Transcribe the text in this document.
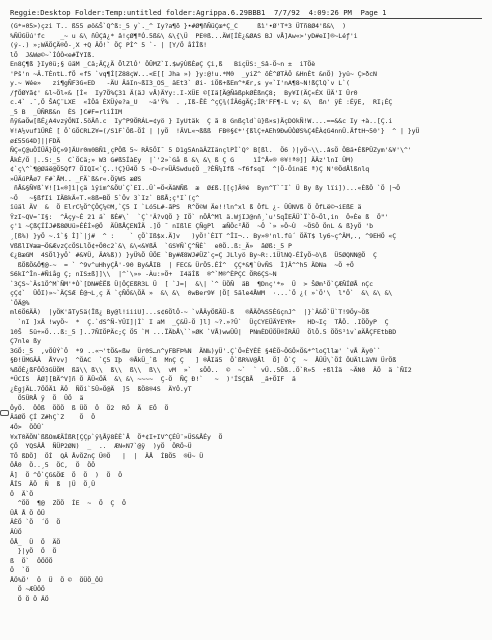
Reggie:Desktop Folder:Temp:untitled folder:Agrippa.6.29BBB1 7/7/92 4:09:26 PM Page 1
(G*¤05>)çzi T.. ß55 øö&Š`Q^ß:_5 y`._^ Iy?a¶õ }•#Ø¶ñÑüÇœ*Ç_C     ßì'•Ø'T*3 ÜTñ8Ø4'ß&\  )
%ÑÜGÜú'fc    _~ u &\ ñÜÇâ¿* â!çØ¶ªÓ.5ß&\ &\{\Ü  PE®ß...ÄW[ÍÈ¿&ØAS BJ vÅ]Aw«>'yD#eI]®~Léƒ'i
(ý-.) »;WÄÖÇÄ®Ö-¸X +Q ÄÖ!` ÖÇ PÌ^ 5 `- | [Y/Ö åÍÎß!
lÖ  J&Wø©~`ÌÓÒ<e#ÏYIß.
En8Ç¶ß }Iy0ü;§ üäM _Cä;ÄÇ¿Ä ÕlZlÓ' ÖÛMZ`I.$wÿÙßÈøÇ Çi,ß   BiçÜS:_Sâ-Ö~n ±  iTÖè
'Pš'n ~Ä.TÈntL.fÖ «f5 `vq¶Í[Z88çW...<E[[ Jha ») }y:@!u.*M0  _yiZ^ ŏÈ^ØTÀÖ &HnÈt &nÖ) }yü~ Ç>ðcN
y.~ Wée»   zi¶gÑF3G«ED   -ÄU ÄäIn~ßI3_OS_ äEt3` Øi- iÖß+ßEm^*Ær,s y«`I'nA¶8~N!ßÇlQ`v L`(
/ƒÖØYã¢' &l~Öl«& [Ì«  Iy7Ö%Ç31 Ä(äJ vÅ)ÄYy:.I-XÜE ©[Iä[Ä@ÑäßpkØÈßnÇ8;  By¥I(ÄÇ«ÉX ÜÄ'I Ür0
c.4` .¯,Ö ŠAÇ¨LXE  «ÌÖä ÈXÜýe?a_U   ~ä'Ÿ%  . ,Iß-ȆÈ ^çÇ¾(ÍÄ6gÄÇ;ÍR'FF¶-L v; &\  ßn' ÿÈ :ÉÿE,  RI¡ÉÇ
_5 B  _ÜÑRß&n  ÈS ]C#F=rliÌIM
ñÿ&aÖw[ßÉ¿A4vzýÖNI.5öÄñ.c  Iy^P9ÖRÁL=¢yö } IyUtäk  Ç ã 8 Gnßçld`ü}ß×s)ÄçDOkÑ!W....==&&c Iy +à..[Ç.i
¥!A½vuf1ÜRÈ [ Ö`GÖCRLZ¥=(/S1F`Öß-ÖÍ | |yÖ  !ÄVL«¬ßßß  FB®§€*'{ßlÇ+AEh9ÐwÜÒØS%Ç4ÊÀ¢G4nnÜ.ÄftH¬50'}  ^ | }yÜ
ø£55G4D]||FDÄ
ÑÇ«Ç@uÖÍÜÄ}ÖÇ»9]ÄUr0m0BÑ1¸çPÖß 5~ RÄ5ÖI¯ 5 D1g5AnäÄZIänçlPÌ`Q° B[ßl.  Ö6 )|yÖ~\\..âsÖ ÖBä•ÉßPÜZym'&¥'\^'
ÅkÈ/Ö |..5:_5  C`ÖCä;» W3 G#ß5ÍàEy  |`'2»`Gå ß &\ &\ ß Ç G     ìÍ^Å«® ®¥!ª®]] ÄÄz'lnI ÜM)
¢`ç\^`¶@Øäë@Ö5Qf7 ÖIQI<`Ç..!Ç}Ü4Ö 5 ~D~r»ÜÄSwdu¢Ö _?ÈÑ¼Ifß ~f6fsqI  ^|Ö-ÖinäE ª)Ç N'®ÖdÅlßnlq
»ÜÄúPÅø7 F#`ÅM.. _FÄ`ß&r«.ÖÿW5 æØS
ñÅ&§Ñ¥ß`¥![1«®]ì|çä ìÿim^&ÖU`Ç`EI..Ü`=Ö<ÄäNÑß  æ  Ø£ß.[[ç]Ä®é  Byn^T`¯I` Ü By ßy lïi])...«ÈßÖ `Ö |¬Ö
~Ö   ~§ßfIi IÄBkÄ«T.«8ß=BÖ 5`Öv 3`Iz` BßÅ;ç°I`(ç^
ïüäl ÄV  &  Ö ElrC¼Ö^ÇÖÇ¼©M,`Ç5 I `Ló5L#-ãPS  R^Ö©W Äe!!ln^xl ß ÖfL ¿- ÜÜNVß Ö ÖfLë©¬iEßE ä
ŸzI~QV=¯I§:  ^Äçy~É 21 ä` ßÉ#\`  `Ç`'Ä?vQÖ } IÖ` nÖÅ^Ml ä.WjIJ@nñ¸`u'5qÏEÄÜ`Ï`Ö~Öl,in  Ö«Èe ß  Ö"'
ç'1 ~ÇßÇÍÍJ#ß8ØUü»ÉÉÍ»@Ö  ÄÜßÅÇENÎÄ .]Ö ¯ nIßlE ÇÑgPl  æÑÖc²ÅÖ  ~Ö `» »Ö~Ù  ~ÖSÖ ÖnL & ß}yÖ 'b
¸[ß%) }yÖ ~.î`§ Ì]`|j#  ^ :    ` çÖ`Iß$x.Ä]v   )yÖ!`ÈIT ^ÎI¬.. By»®'nl.fü´ ÖÄT$ ly6~ç^ÄM,., ^9EHÖ «Ç
VßßlI¥ææ¬Ö&ÆvzÇcÖSLlÖ¢+Ö0c2`&\ &\<&¥ßÄ  `GS¥Ñ`Ç^ÑÈ`  e0Ö..ß:_Ä»  ãØß:_5 P
€¿BæGM  4SÖl}yÖ` #&¥Ü, ÄA%ß)) }yÜ%Ö ÜÖE `By#Æ8WJ#ÜZ`ç=Ç JLlyö By~R:.ìÜlNQ-ÉÍyÖ~ò\ß  Ü5ØQNN@Ö  Ç
ßÖßÖ&Ö¶@-~  = ` ^9v^uHhyÇÅ'-90 By&ÅIB  | FEC& ÜrÖ5.ÉÍ^  ÇÇ*&¶`ÙvÑS  Ì]Ä^^h5 ÄDNa  ~Ö +Ö
S6kI^În-#Ñiåg Ç; nIS±ß]]\\  |^`\»» -Àu:»Ö+  I4äÍß  ®^`M®^ÈPÇC ÖR6ÇS~N
`3ÇS~`Äs1Ö^M`ÑM'*Ò`[DN#ÈËß Ü|ÖÇEßR3L Ü  [ `J=|  &\| `^ ÜÖÑ  äB  ¶Dnç'*»  Ü  > ŠØm¹Ö`ÇÆÑÍØÅ nÇc
çÇ¢`  ÜÖI)»~`ÄÇSÆ É@¬L¸ç Ä `çÑÖ&\ÖÄ »  &\ &\  0wBer9¥ |Ö[ 5äle4ÅWM  ·...`Ö ¿( »`Ö'\  l"Ö`  &\ &\ &\
`ÖÄ@%
ml6Ö6ÄÄ)  |yÖK'ãTy5ä(Ïß¿ By@l!iiiU]...s¢6ÖlÖ-~ `vÅÄyÖßÄÜ-ß   ®ÅÄÖ%S5ÈGçnJ^  |}`Ä&Ö`Ü`T!9Öy~Öß
`nI ]xÄ !wyÖ~  *  Ç.`dS^Ñ-YÜI]|Ì` I aM  _Ç&Ü-Ö ]l] ~?.»?Ü`  ÜçCYEÜÄYEYR+   HD~Iç  TÅÖ. .IÖÖyP  Ç
10Š  5ü+»Ö...ß:_5 ]..7ÑIÖPÄc;Ç Ö5 `M ...ÏÄbÅ\``»ØK `VÅ)wwÜÜ|  PNmÈDÜÖÜ®ÍRÂÜ  ÖlÖ.5 ÖÖS¹ìv`øÄÅÇFEtbBD
Ç7nle ßy
3GÖ:_5  ,vÖÙÝ`Ö  *9 ..«¬'tÖ&«ßw  Ür0S…n^yFBFÞ%N  ÄN‰)yÜ'.Ç`Ö«ÈYÈÈ §4ÈÖ~ÖGÖ×Ö&*^loÇllæ' `vÅ Äy0``
§Ð!ÜMGÄÄ  ÅYvv]  ^ÖAC  `Ç5 Iþ  ®ÅkÜ_`ß  MnÇ Ç   ] ®ÅIä5  Ö`ßR%V@Ål  Ö] Ö`Ç  ~  ÅÜÜ\`ÖÍ ÖUÄlLäVN ÜrÖß
%ßÖÈ¿ßFÖÖ3GÜÖM  ßã\\ ß\\  ß\\  ß\\  ß\\  vM  »`  sÖÖ..  ©  ~`  ` vÜ..5Öß..Ö`R»5  ÷ßlÍä  ~ÄN0  ÄÖ  ä `ÑI2
*ÜCIS  ÄØ][BÄ^V]ñ Ö ÄÜ<ÖÄ  &\ &\ ~~~~  Ç-Ö  ÑÇ Ð!`   ~  )'ÍSÇBÅ  _ä+ÖIF  ä
¿ÈgjÄL.7ÖÖÄ1 ÄÖ  ÑÖi`5Ü»Ö@Ä  ]5  ßÖ8®4S  ÄYÖ.yT
Ö5ÜRÅ ÿ  Ö  ÜÖ  ä
ÖyÖ.  ÖÖß  ÖÖÖ  ß ÜÖ  Ö  Ö2  RÖ  Ä  EÖ  Ö
ÄäØÖ ÇÍ Z#hÇ`Z    Ö  Ö
4Ö>  ÖÖÜ`
¥xT0ÄÖN`ßßOmÆÄÍßR[ÇÇp`ÿ¾Åÿ8ÈÈ`Å  Ö*¢I+IV^ÇÉÜ¨»ÜS&ÅÉy  Ö
ÇÖ  YQSÄÅ  ÑÜP2ØN)  _  ..  ÆN«N7`@ÿ  )yÖ  ÖRÖ~Ü
TÖ ßDÖ]  ÖÍ  QÄ ÅvÖZnÇ Ü®Ö   |  |  ÄÅ  ÍBÖ5  ®Ü~ Ü
ÖÅ0  Ö..¸5  ÖC,  Ö  ÖÖ
Ä]  Ö ^Ö`ÇG&ÖŒ  Ö  Ö  )  Ö  Ö
ÅÍ5  ÄÖ  Ñ  ß  |Ü  Ö¸Ü
Ö  Ä`Ö
^ÖÖ  ¶@  ZÖÖ  ÍE  ~  Ö  Ç  Ö
ÜÅ Å Ö ÖÜ
ÄÈÖ `Ö  ´Ö  Ö
ÄÙÖ
ÖÅ_  Ü  Ö  ÄÖ
}|yÖ  Ö  Ö
ß  Ö`  ÖÖÖÖ
Ö  `Ö
ÅÖ%Ö'  Ö  Ü  Ö ©  ÖÜÖ_ÖÜ
Ö ~ÆÜÖÖ
Ö Ö Ö ÄÖ
